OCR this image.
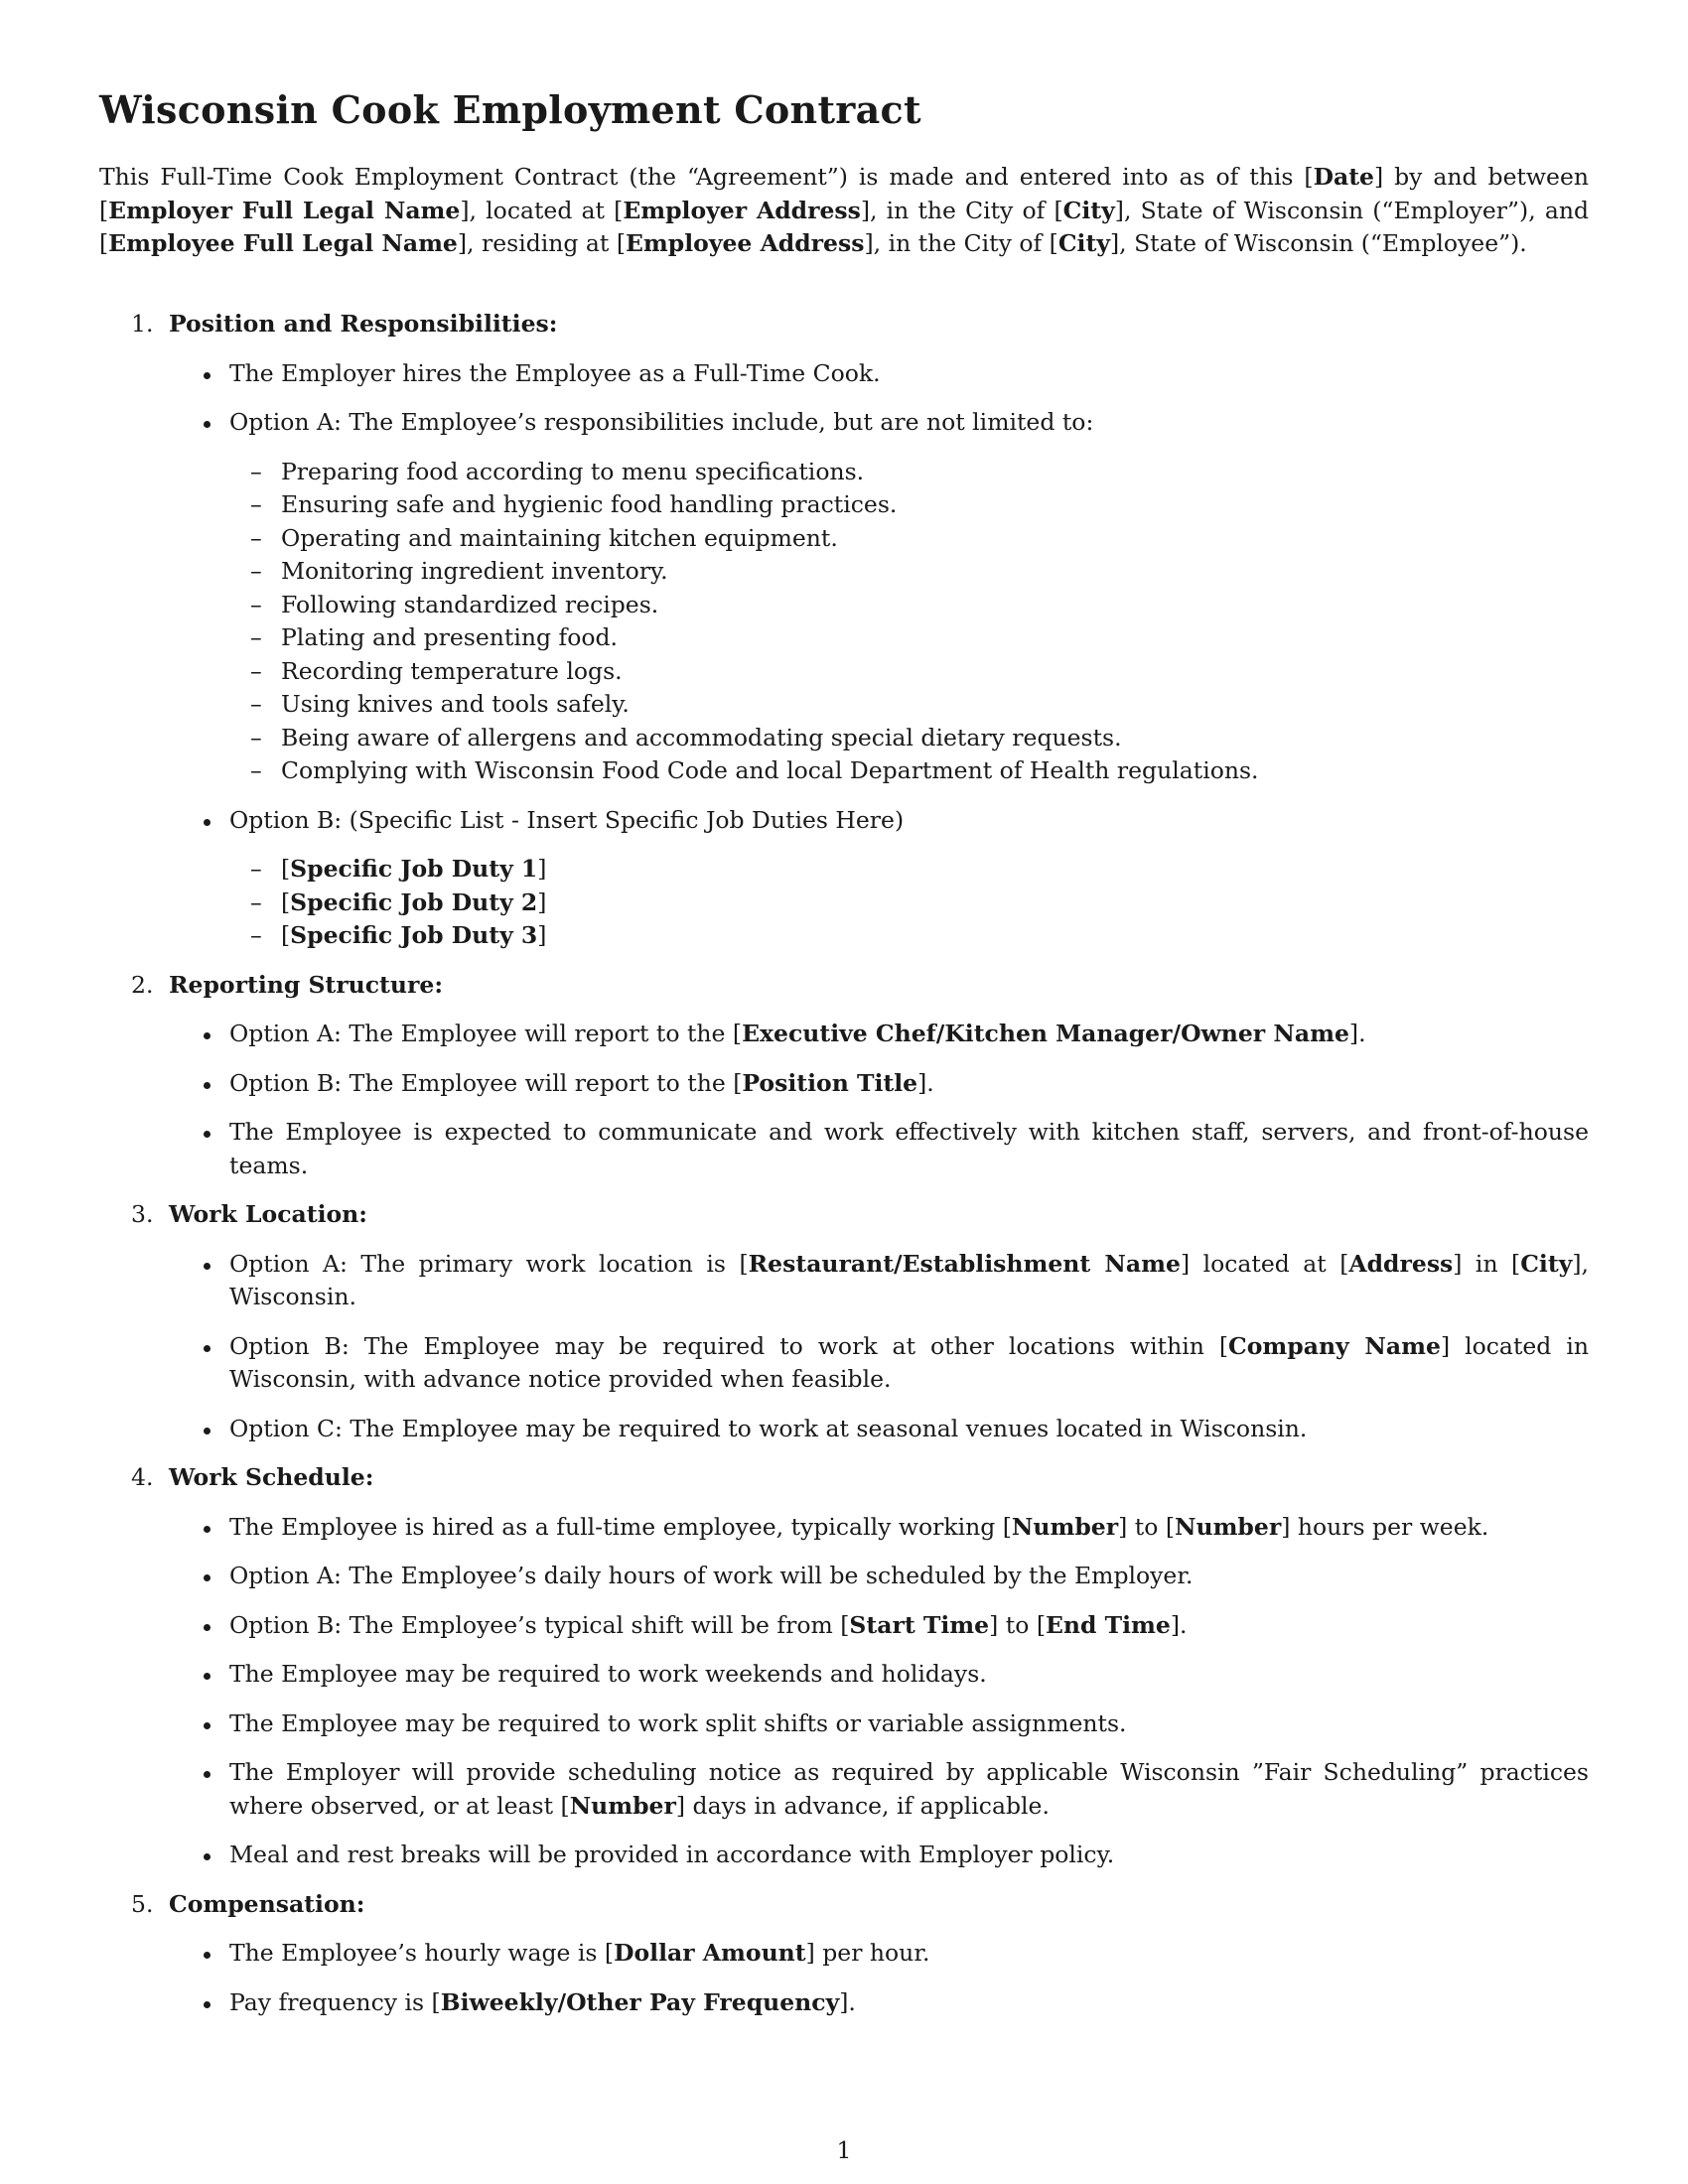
Wisconsin Cook Employment Contract

This Full-Time Cook Employment Contract (the “Agreement”) is made and entered into as of this [Date] by and between [Employer Full Legal Name], located at [Employer Address], in the City of [City], State of Wisconsin (“Employer”), and [Employee Full Legal Name], residing at [Employee Address], in the City of [City], State of Wisconsin (“Employee”).

1. Position and Responsibilities:
The Employer hires the Employee as a Full-Time Cook.
Option A: The Employee’s responsibilities include, but are not limited to:
– Preparing food according to menu specifications.
– Ensuring safe and hygienic food handling practices.
– Operating and maintaining kitchen equipment.
– Monitoring ingredient inventory.
– Following standardized recipes.
– Plating and presenting food.
– Recording temperature logs.
– Using knives and tools safely.
– Being aware of allergens and accommodating special dietary requests.
– Complying with Wisconsin Food Code and local Department of Health regulations.
Option B: (Specific List - Insert Specific Job Duties Here)
– [Specific Job Duty 1]
– [Specific Job Duty 2]
– [Specific Job Duty 3]
2. Reporting Structure:
Option A: The Employee will report to the [Executive Chef/Kitchen Manager/Owner Name].
Option B: The Employee will report to the [Position Title].
The Employee is expected to communicate and work effectively with kitchen staff, servers, and front-of-house teams.
3. Work Location:
Option A: The primary work location is [Restaurant/Establishment Name] located at [Address] in [City], Wisconsin.
Option B: The Employee may be required to work at other locations within [Company Name] located in Wisconsin, with advance notice provided when feasible.
Option C: The Employee may be required to work at seasonal venues located in Wisconsin.
4. Work Schedule:
The Employee is hired as a full-time employee, typically working [Number] to [Number] hours per week.
Option A: The Employee’s daily hours of work will be scheduled by the Employer.
Option B: The Employee’s typical shift will be from [Start Time] to [End Time].
The Employee may be required to work weekends and holidays.
The Employee may be required to work split shifts or variable assignments.
The Employer will provide scheduling notice as required by applicable Wisconsin ”Fair Scheduling” practices where observed, or at least [Number] days in advance, if applicable.
Meal and rest breaks will be provided in accordance with Employer policy.
5. Compensation:
The Employee’s hourly wage is [Dollar Amount] per hour.
Pay frequency is [Biweekly/Other Pay Frequency].
1
